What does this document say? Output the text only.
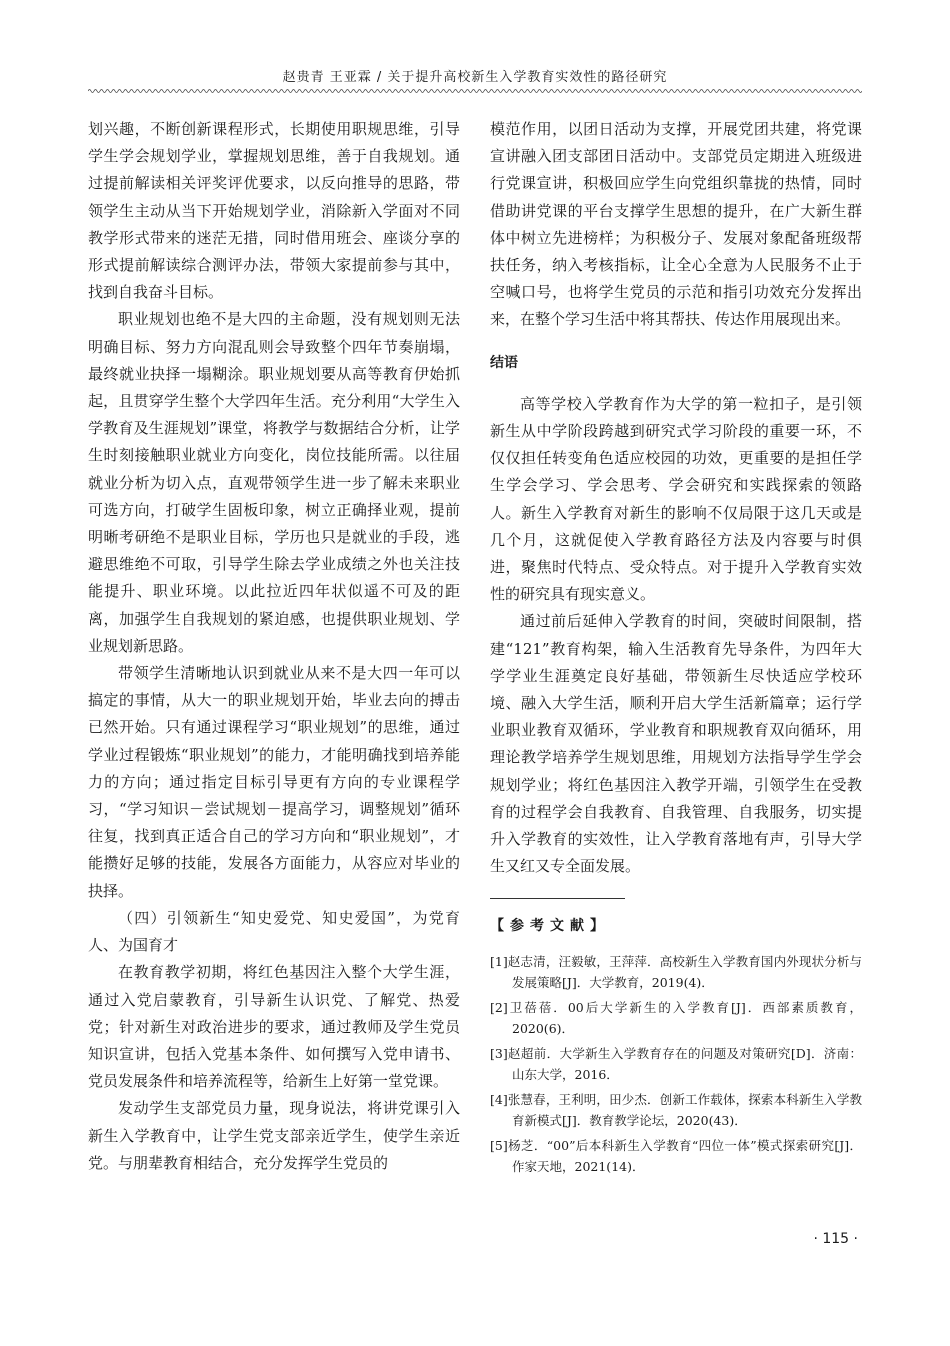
赵贵青 王亚霖 / 关于提升高校新生入学教育实效性的路径研究

划兴趣，不断创新课程形式，长期使用职规思维，引导学生学会规划学业，掌握规划思维，善于自我规划。通过提前解读相关评奖评优要求，以反向推导的思路，带领学生主动从当下开始规划学业，消除新入学面对不同教学形式带来的迷茫无措，同时借用班会、座谈分享的形式提前解读综合测评办法，带领大家提前参与其中，找到自我奋斗目标。

职业规划也绝不是大四的主命题，没有规划则无法明确目标、努力方向混乱则会导致整个四年节奏崩塌，最终就业抉择一塌糊涂。职业规划要从高等教育伊始抓起，且贯穿学生整个大学四年生活。充分利用“大学生入学教育及生涯规划”课堂，将教学与数据结合分析，让学生时刻接触职业就业方向变化，岗位技能所需。以往届就业分析为切入点，直观带领学生进一步了解未来职业可选方向，打破学生固板印象，树立正确择业观，提前明晰考研绝不是职业目标，学历也只是就业的手段，逃避思维绝不可取，引导学生除去学业成绩之外也关注技能提升、职业环境。以此拉近四年状似遥不可及的距离，加强学生自我规划的紧迫感，也提供职业规划、学业规划新思路。

带领学生清晰地认识到就业从来不是大四一年可以搞定的事情，从大一的职业规划开始，毕业去向的搏击已然开始。只有通过课程学习“职业规划”的思维，通过学业过程锻炼“职业规划”的能力，才能明确找到培养能力的方向；通过指定目标引导更有方向的专业课程学习，“学习知识－尝试规划－提高学习，调整规划”循环往复，找到真正适合自己的学习方向和“职业规划”，才能攒好足够的技能，发展各方面能力，从容应对毕业的抉择。

（四）引领新生“知史爱党、知史爱国”，为党育人、为国育才

在教育教学初期，将红色基因注入整个大学生涯，通过入党启蒙教育，引导新生认识党、了解党、热爱党；针对新生对政治进步的要求，通过教师及学生党员知识宣讲，包括入党基本条件、如何撰写入党申请书、党员发展条件和培养流程等，给新生上好第一堂党课。

发动学生支部党员力量，现身说法，将讲党课引入新生入学教育中，让学生党支部亲近学生，使学生亲近党。与朋辈教育相结合，充分发挥学生党员的

模范作用，以团日活动为支撑，开展党团共建，将党课宣讲融入团支部团日活动中。支部党员定期进入班级进行党课宣讲，积极回应学生向党组织靠拢的热情，同时借助讲党课的平台支撑学生思想的提升，在广大新生群体中树立先进榜样；为积极分子、发展对象配备班级帮扶任务，纳入考核指标，让全心全意为人民服务不止于空喊口号，也将学生党员的示范和指引功效充分发挥出来，在整个学习生活中将其帮扶、传达作用展现出来。

结语

高等学校入学教育作为大学的第一粒扣子，是引领新生从中学阶段跨越到研究式学习阶段的重要一环，不仅仅担任转变角色适应校园的功效，更重要的是担任学生学会学习、学会思考、学会研究和实践探索的领路人。新生入学教育对新生的影响不仅局限于这几天或是几个月，这就促使入学教育路径方法及内容要与时俱进，聚焦时代特点、受众特点。对于提升入学教育实效性的研究具有现实意义。

通过前后延伸入学教育的时间，突破时间限制，搭建“121”教育构架，输入生活教育先导条件，为四年大学学业生涯奠定良好基础，带领新生尽快适应学校环境、融入大学生活，顺利开启大学生活新篇章；运行学业职业教育双循环，学业教育和职规教育双向循环，用理论教学培养学生规划思维，用规划方法指导学生学会规划学业；将红色基因注入教学开端，引领学生在受教育的过程学会自我教育、自我管理、自我服务，切实提升入学教育的实效性，让入学教育落地有声，引导大学生又红又专全面发展。

【参考文献】
[1]赵志清，汪毅敏，王萍萍．高校新生入学教育国内外现状分析与发展策略[J]．大学教育，2019(4)．
[2]卫蓓蓓．00后大学新生的入学教育[J]．西部素质教育，2020(6)．
[3]赵超前．大学新生入学教育存在的问题及对策研究[D]．济南：山东大学，2016．
[4]张慧春，王利明，田少杰．创新工作载体，探索本科新生入学教育新模式[J]．教育教学论坛，2020(43)．
[5]杨芝．“00”后本科新生入学教育“四位一体”模式探索研究[J]．作家天地，2021(14)．
· 115 ·
